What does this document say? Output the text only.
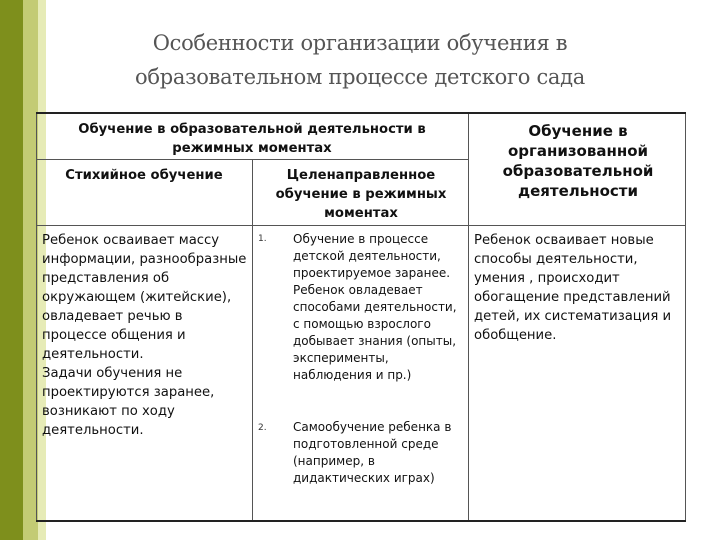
Особенности организации обучения в
образовательном процессе детского сада
Обучение в образовательной деятельности в режимных моментах
Обучение в организованной образовательной деятельности
Стихийное обучение	Целенаправленное обучение в режимных моментах
Ребенок осваивает массу информации, разнообразные представления об окружающем (житейские), овладевает речью в процессе общения и деятельности.
Задачи обучения не проектируются заранее, возникают по ходу деятельности.
1. Обучение в процессе детской деятельности, проектируемое заранее. Ребенок овладевает способами деятельности, с помощью взрослого добывает знания (опыты, эксперименты, наблюдения и пр.)
2. Самообучение ребенка в подготовленной среде (например, в дидактических играх)
Ребенок осваивает новые способы деятельности, умения , происходит обогащение представлений детей, их систематизация и обобщение.
